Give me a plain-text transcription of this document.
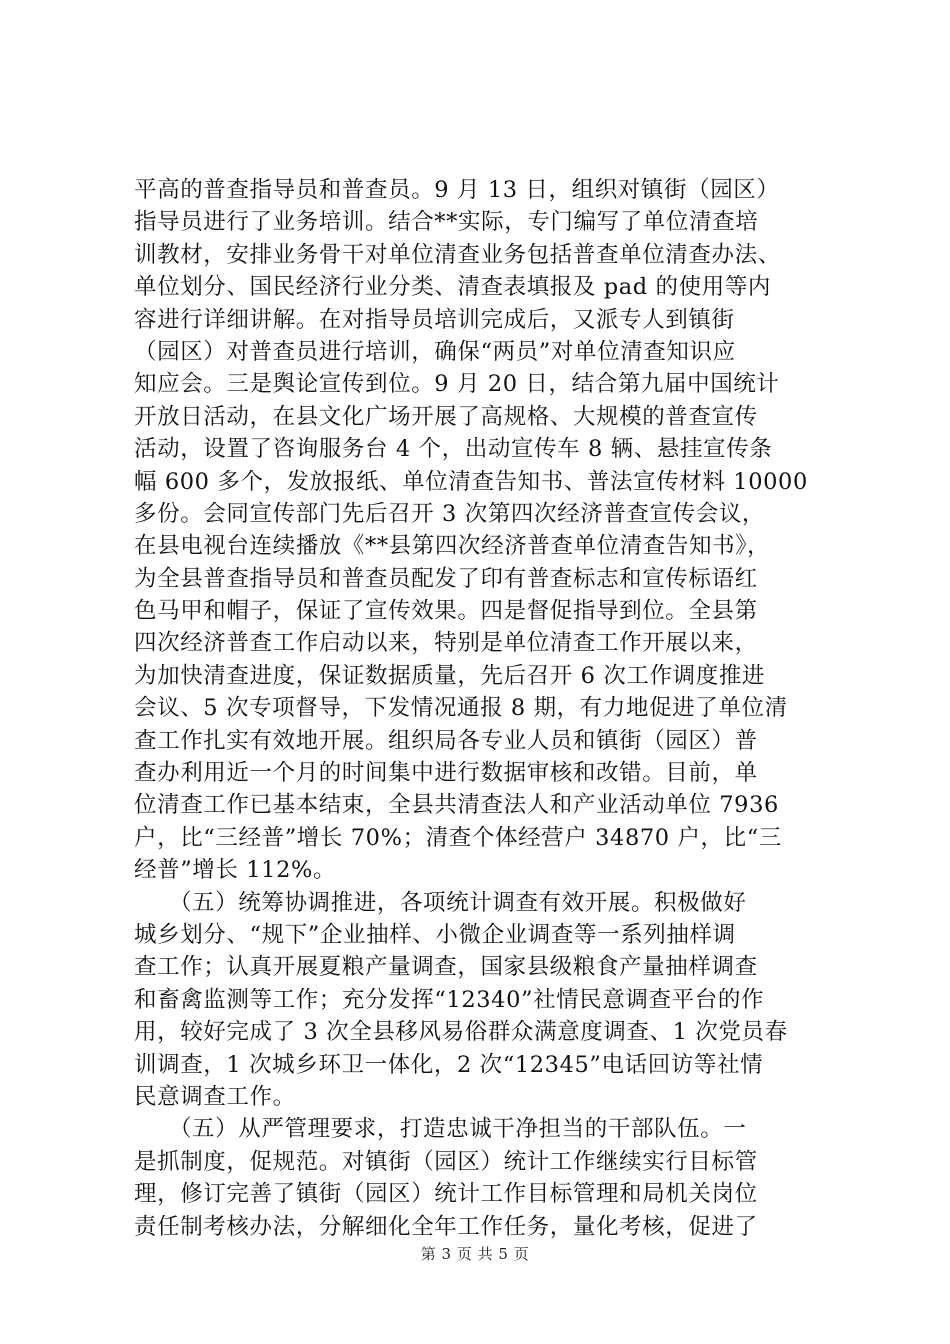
平高的普查指导员和普查员。9 月 13 日，组织对镇街（园区）
指导员进行了业务培训。结合**实际，专门编写了单位清查培
训教材，安排业务骨干对单位清查业务包括普查单位清查办法、
单位划分、国民经济行业分类、清查表填报及 pad 的使用等内
容进行详细讲解。在对指导员培训完成后，又派专人到镇街
（园区）对普查员进行培训，确保“两员”对单位清查知识应
知应会。三是舆论宣传到位。9 月 20 日，结合第九届中国统计
开放日活动，在县文化广场开展了高规格、大规模的普查宣传
活动，设置了咨询服务台 4 个，出动宣传车 8 辆、悬挂宣传条
幅 600 多个，发放报纸、单位清查告知书、普法宣传材料 10000
多份。会同宣传部门先后召开 3 次第四次经济普查宣传会议，
在县电视台连续播放《**县第四次经济普查单位清查告知书》，
为全县普查指导员和普查员配发了印有普查标志和宣传标语红
色马甲和帽子，保证了宣传效果。四是督促指导到位。全县第
四次经济普查工作启动以来，特别是单位清查工作开展以来，
为加快清查进度，保证数据质量，先后召开 6 次工作调度推进
会议、5 次专项督导，下发情况通报 8 期，有力地促进了单位清
查工作扎实有效地开展。组织局各专业人员和镇街（园区）普
查办利用近一个月的时间集中进行数据审核和改错。目前，单
位清查工作已基本结束，全县共清查法人和产业活动单位 7936
户，比“三经普”增长 70%；清查个体经营户 34870 户，比“三
经普”增长 112%。
　　（五）统筹协调推进，各项统计调查有效开展。积极做好
城乡划分、“规下”企业抽样、小微企业调查等一系列抽样调
查工作；认真开展夏粮产量调查，国家县级粮食产量抽样调查
和畜禽监测等工作；充分发挥“12340”社情民意调查平台的作
用，较好完成了 3 次全县移风易俗群众满意度调查、1 次党员春
训调查，1 次城乡环卫一体化，2 次“12345”电话回访等社情
民意调查工作。
　　（五）从严管理要求，打造忠诚干净担当的干部队伍。一
是抓制度，促规范。对镇街（园区）统计工作继续实行目标管
理，修订完善了镇街（园区）统计工作目标管理和局机关岗位
责任制考核办法，分解细化全年工作任务，量化考核，促进了
第 3 页 共 5 页
